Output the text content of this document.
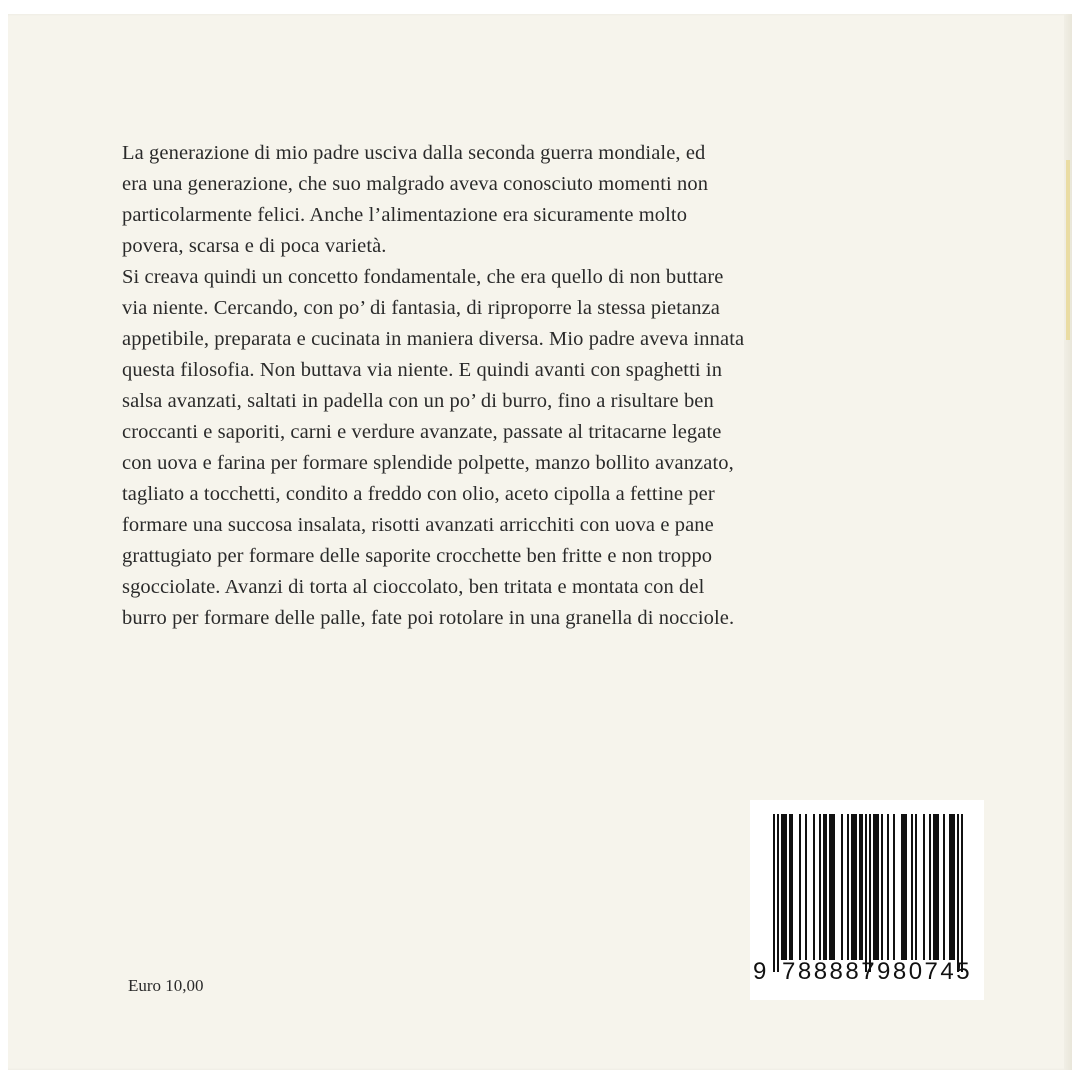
La generazione di mio padre usciva dalla seconda guerra mondiale, ed

era una generazione, che suo malgrado aveva conosciuto momenti non

particolarmente felici. Anche l’alimentazione era sicuramente molto

povera, scarsa e di poca varietà.

Si creava quindi un concetto fondamentale, che era quello di non buttare

via niente. Cercando, con po’ di fantasia, di riproporre la stessa pietanza

appetibile, preparata e cucinata in maniera diversa. Mio padre aveva innata

questa filosofia. Non buttava via niente. E quindi avanti con spaghetti in

salsa avanzati, saltati in padella con un po’ di burro, fino a risultare ben

croccanti e saporiti, carni e verdure avanzate, passate al tritacarne legate

con uova e farina per formare splendide polpette, manzo bollito avanzato,

tagliato a tocchetti, condito a freddo con olio, aceto cipolla a fettine per

formare una succosa insalata, risotti avanzati arricchiti con uova e pane

grattugiato per formare delle saporite crocchette ben fritte e non troppo

sgocciolate. Avanzi di torta al cioccolato, ben tritata e montata con del

burro per formare delle palle, fate poi rotolare in una granella di nocciole.

Euro 10,00
9 788887 980745
